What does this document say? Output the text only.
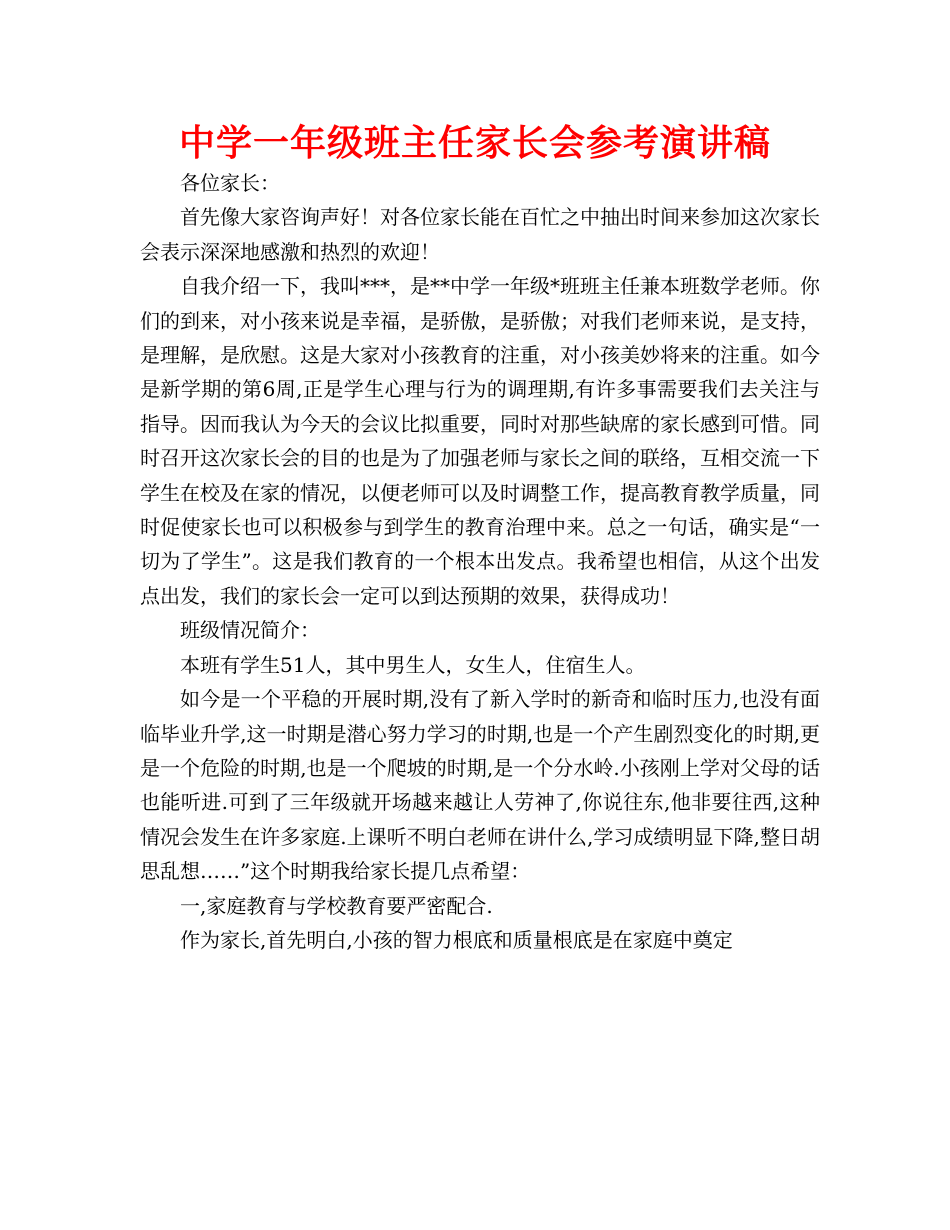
中学一年级班主任家长会参考演讲稿

各位家长：

首先像大家咨询声好！对各位家长能在百忙之中抽出时间来参加这次家长会表示深深地感激和热烈的欢迎！

自我介绍一下，我叫***，是**中学一年级*班班主任兼本班数学老师。你们的到来，对小孩来说是幸福，是骄傲，是骄傲；对我们老师来说，是支持，是理解，是欣慰。这是大家对小孩教育的注重，对小孩美妙将来的注重。如今是新学期的第6周,正是学生心理与行为的调理期,有许多事需要我们去关注与指导。因而我认为今天的会议比拟重要，同时对那些缺席的家长感到可惜。同时召开这次家长会的目的也是为了加强老师与家长之间的联络，互相交流一下学生在校及在家的情况，以便老师可以及时调整工作，提高教育教学质量，同时促使家长也可以积极参与到学生的教育治理中来。总之一句话，确实是“一切为了学生”。这是我们教育的一个根本出发点。我希望也相信，从这个出发点出发，我们的家长会一定可以到达预期的效果，获得成功！

班级情况简介：

本班有学生51人，其中男生人，女生人，住宿生人。

如今是一个平稳的开展时期,没有了新入学时的新奇和临时压力,也没有面临毕业升学,这一时期是潜心努力学习的时期,也是一个产生剧烈变化的时期,更是一个危险的时期,也是一个爬坡的时期,是一个分水岭.小孩刚上学对父母的话也能听进.可到了三年级就开场越来越让人劳神了,你说往东,他非要往西,这种情况会发生在许多家庭.上课听不明白老师在讲什么,学习成绩明显下降,整日胡思乱想……”这个时期我给家长提几点希望：

一,家庭教育与学校教育要严密配合.

作为家长,首先明白,小孩的智力根底和质量根底是在家庭中奠定
